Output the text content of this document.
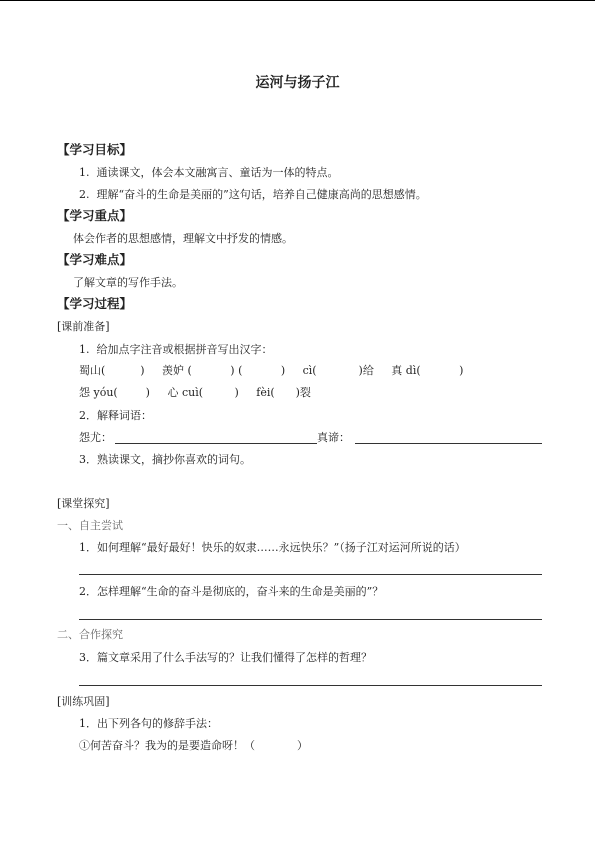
运河与扬子江
【学习目标】
1.  通读课文，体会本文融寓言、童话为一体的特点。
2.  理解“奋斗的生命是美丽的”这句话，培养自己健康高尚的思想感情。
【学习重点】
体会作者的思想感情，理解文中抒发的情感。
【学习难点】
了解文章的写作手法。
【学习过程】
[课前准备]
1.  给加点字注音或根据拼音写出汉字：
蜀山(          )     羡妒 (           ) (           )     cì(            )给     真 dì(           )
怨 yóu(        )     心 cuì(         )     fèi(      )裂
2．解释词语：
怨尤：	真谛：
3．熟读课文，摘抄你喜欢的词句。
[课堂探究]
一、自主尝试
1．如何理解“最好最好！快乐的奴隶……永远快乐？”（扬子江对运河所说的话）
2．怎样理解“生命的奋斗是彻底的，奋斗来的生命是美丽的”？
二、合作探究
3．篇文章采用了什么手法写的？让我们懂得了怎样的哲理？
[训练巩固]
1．出下列各句的修辞手法：
①何苦奋斗？我为的是要造命呀！（            ）
